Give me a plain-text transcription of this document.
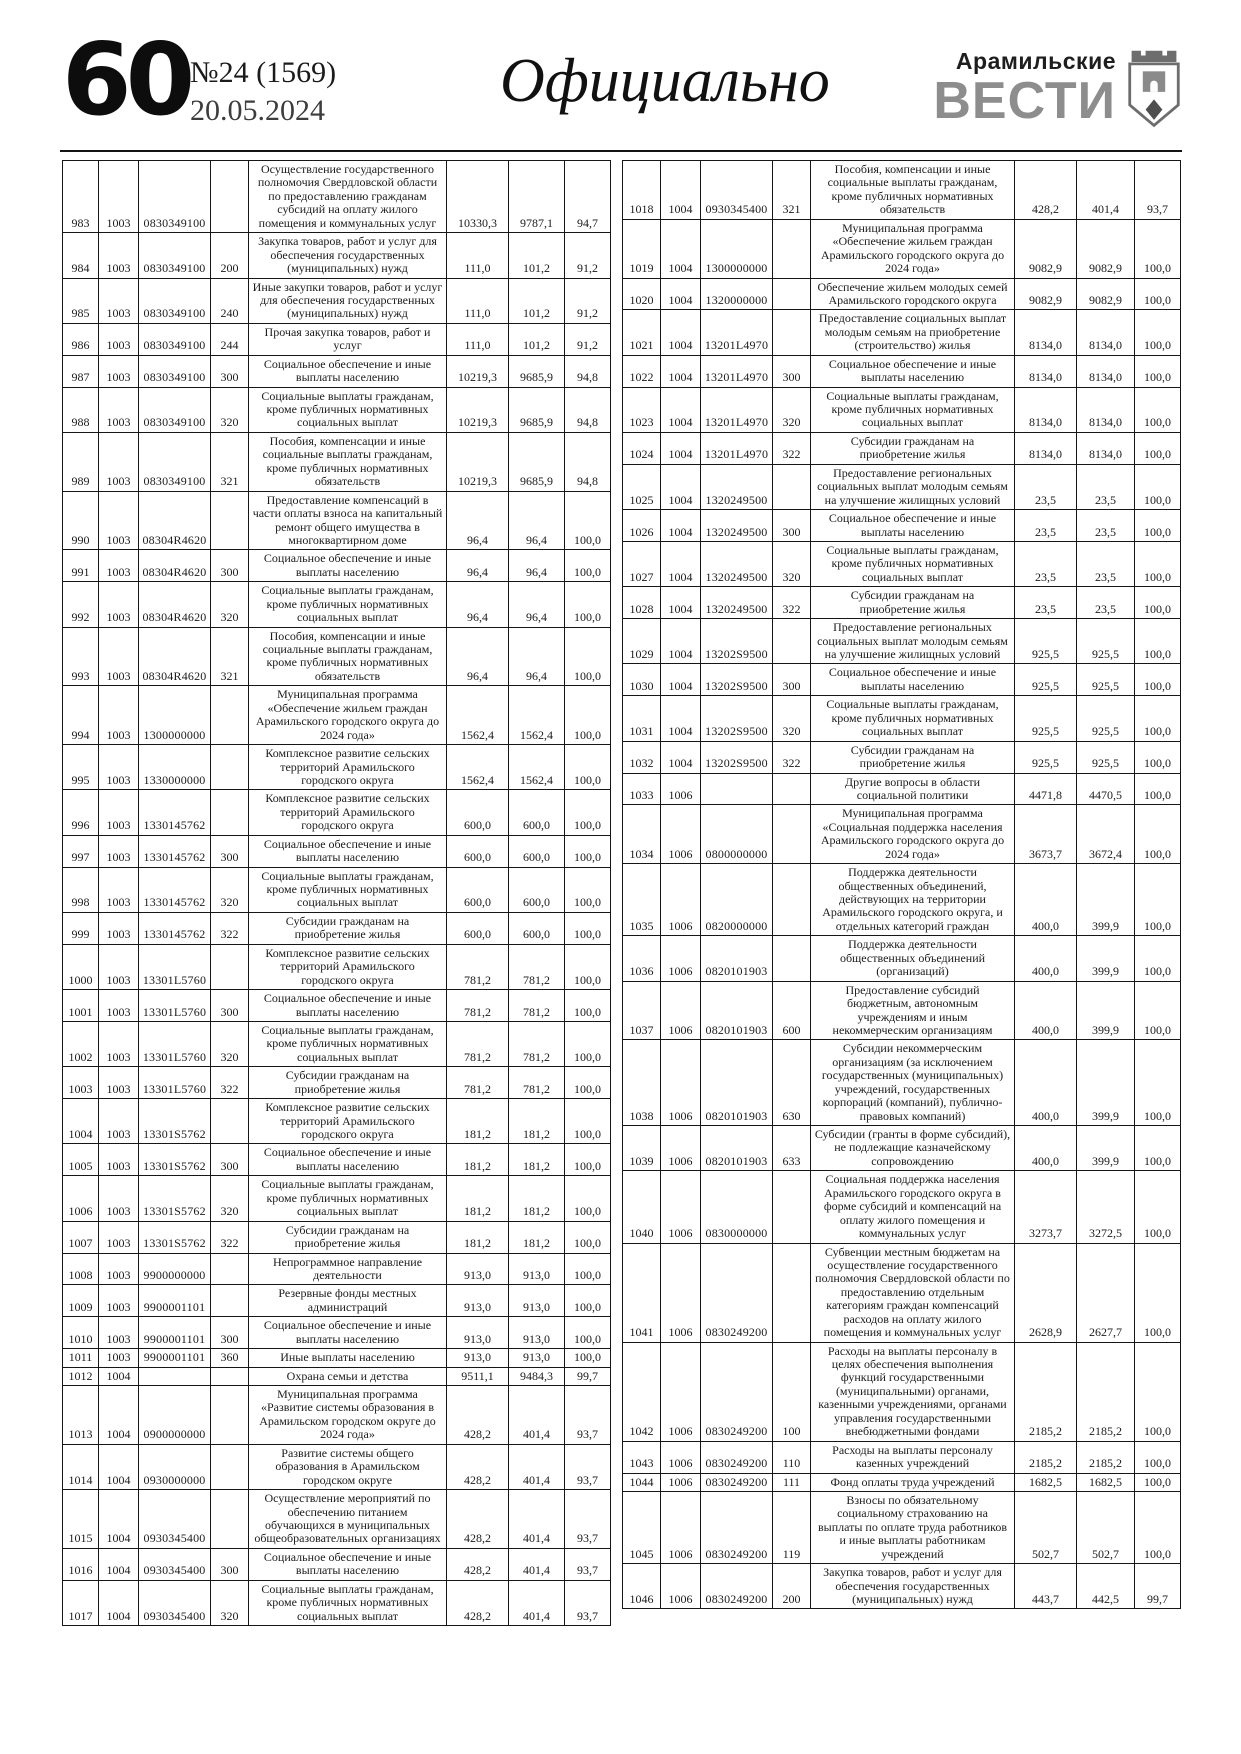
60 №24 (1569)
20.05.2024	Официально	Арамильские
ВЕСТИ
983	1003	0830349100		Осуществление государственного полномочия Свердловской области по предоставлению гражданам субсидий на оплату жилого помещения и коммунальных услуг	10330,3	9787,1	94,7
984	1003	0830349100	200	Закупка товаров, работ и услуг для обеспечения государственных (муниципальных) нужд	111,0	101,2	91,2
985	1003	0830349100	240	Иные закупки товаров, работ и услуг для обеспечения государственных (муниципальных) нужд	111,0	101,2	91,2
986	1003	0830349100	244	Прочая закупка товаров, работ и услуг	111,0	101,2	91,2
987	1003	0830349100	300	Социальное обеспечение и иные выплаты населению	10219,3	9685,9	94,8
988	1003	0830349100	320	Социальные выплаты гражданам, кроме публичных нормативных социальных выплат	10219,3	9685,9	94,8
989	1003	0830349100	321	Пособия, компенсации и иные социальные выплаты гражданам, кроме публичных нормативных обязательств	10219,3	9685,9	94,8
990	1003	08304R4620		Предоставление компенсаций в части оплаты взноса на капитальный ремонт общего имущества в многоквартирном доме	96,4	96,4	100,0
991	1003	08304R4620	300	Социальное обеспечение и иные выплаты населению	96,4	96,4	100,0
992	1003	08304R4620	320	Социальные выплаты гражданам, кроме публичных нормативных социальных выплат	96,4	96,4	100,0
993	1003	08304R4620	321	Пособия, компенсации и иные социальные выплаты гражданам, кроме публичных нормативных обязательств	96,4	96,4	100,0
994	1003	1300000000		Муниципальная программа «Обеспечение жильем граждан Арамильского городского округа до 2024 года»	1562,4	1562,4	100,0
995	1003	1330000000		Комплексное развитие сельских территорий Арамильского городского округа	1562,4	1562,4	100,0
996	1003	1330145762		Комплексное развитие сельских территорий Арамильского городского округа	600,0	600,0	100,0
997	1003	1330145762	300	Социальное обеспечение и иные выплаты населению	600,0	600,0	100,0
998	1003	1330145762	320	Социальные выплаты гражданам, кроме публичных нормативных социальных выплат	600,0	600,0	100,0
999	1003	1330145762	322	Субсидии гражданам на приобретение жилья	600,0	600,0	100,0
1000	1003	13301L5760		Комплексное развитие сельских территорий Арамильского городского округа	781,2	781,2	100,0
1001	1003	13301L5760	300	Социальное обеспечение и иные выплаты населению	781,2	781,2	100,0
1002	1003	13301L5760	320	Социальные выплаты гражданам, кроме публичных нормативных социальных выплат	781,2	781,2	100,0
1003	1003	13301L5760	322	Субсидии гражданам на приобретение жилья	781,2	781,2	100,0
1004	1003	13301S5762		Комплексное развитие сельских территорий Арамильского городского округа	181,2	181,2	100,0
1005	1003	13301S5762	300	Социальное обеспечение и иные выплаты населению	181,2	181,2	100,0
1006	1003	13301S5762	320	Социальные выплаты гражданам, кроме публичных нормативных социальных выплат	181,2	181,2	100,0
1007	1003	13301S5762	322	Субсидии гражданам на приобретение жилья	181,2	181,2	100,0
1008	1003	9900000000		Непрограммное направление деятельности	913,0	913,0	100,0
1009	1003	9900001101		Резервные фонды местных администраций	913,0	913,0	100,0
1010	1003	9900001101	300	Социальное обеспечение и иные выплаты населению	913,0	913,0	100,0
1011	1003	9900001101	360	Иные выплаты населению	913,0	913,0	100,0
1012	1004			Охрана семьи и детства	9511,1	9484,3	99,7
1013	1004	0900000000		Муниципальная программа «Развитие системы образования в Арамильском городском округе до 2024 года»	428,2	401,4	93,7
1014	1004	0930000000		Развитие системы общего образования в Арамильском городском округе	428,2	401,4	93,7
1015	1004	0930345400		Осуществление мероприятий по обеспечению питанием обучающихся в муниципальных общеобразовательных организациях	428,2	401,4	93,7
1016	1004	0930345400	300	Социальное обеспечение и иные выплаты населению	428,2	401,4	93,7
1017	1004	0930345400	320	Социальные выплаты гражданам, кроме публичных нормативных социальных выплат	428,2	401,4	93,7
1018	1004	0930345400	321	Пособия, компенсации и иные социальные выплаты гражданам, кроме публичных нормативных обязательств	428,2	401,4	93,7
1019	1004	1300000000		Муниципальная программа «Обеспечение жильем граждан Арамильского городского округа до 2024 года»	9082,9	9082,9	100,0
1020	1004	1320000000		Обеспечение жильем молодых семей Арамильского городского округа	9082,9	9082,9	100,0
1021	1004	13201L4970		Предоставление социальных выплат молодым семьям на приобретение (строительство) жилья	8134,0	8134,0	100,0
1022	1004	13201L4970	300	Социальное обеспечение и иные выплаты населению	8134,0	8134,0	100,0
1023	1004	13201L4970	320	Социальные выплаты гражданам, кроме публичных нормативных социальных выплат	8134,0	8134,0	100,0
1024	1004	13201L4970	322	Субсидии гражданам на приобретение жилья	8134,0	8134,0	100,0
1025	1004	1320249500		Предоставление региональных социальных выплат молодым семьям на улучшение жилищных условий	23,5	23,5	100,0
1026	1004	1320249500	300	Социальное обеспечение и иные выплаты населению	23,5	23,5	100,0
1027	1004	1320249500	320	Социальные выплаты гражданам, кроме публичных нормативных социальных выплат	23,5	23,5	100,0
1028	1004	1320249500	322	Субсидии гражданам на приобретение жилья	23,5	23,5	100,0
1029	1004	13202S9500		Предоставление региональных социальных выплат молодым семьям на улучшение жилищных условий	925,5	925,5	100,0
1030	1004	13202S9500	300	Социальное обеспечение и иные выплаты населению	925,5	925,5	100,0
1031	1004	13202S9500	320	Социальные выплаты гражданам, кроме публичных нормативных социальных выплат	925,5	925,5	100,0
1032	1004	13202S9500	322	Субсидии гражданам на приобретение жилья	925,5	925,5	100,0
1033	1006			Другие вопросы в области социальной политики	4471,8	4470,5	100,0
1034	1006	0800000000		Муниципальная программа «Социальная поддержка населения Арамильского городского округа до 2024 года»	3673,7	3672,4	100,0
1035	1006	0820000000		Поддержка деятельности общественных объединений, действующих на территории Арамильского городского округа, и отдельных категорий граждан	400,0	399,9	100,0
1036	1006	0820101903		Поддержка деятельности общественных объединений (организаций)	400,0	399,9	100,0
1037	1006	0820101903	600	Предоставление субсидий бюджетным, автономным учреждениям и иным некоммерческим организациям	400,0	399,9	100,0
1038	1006	0820101903	630	Субсидии некоммерческим организациям (за исключением государственных (муниципальных) учреждений, государственных корпораций (компаний), публично-правовых компаний)	400,0	399,9	100,0
1039	1006	0820101903	633	Субсидии (гранты в форме субсидий), не подлежащие казначейскому сопровождению	400,0	399,9	100,0
1040	1006	0830000000		Социальная поддержка населения Арамильского городского округа в форме субсидий и компенсаций на оплату жилого помещения и коммунальных услуг	3273,7	3272,5	100,0
1041	1006	0830249200		Субвенции местным бюджетам на осуществление государственного полномочия Свердловской области по предоставлению отдельным категориям граждан компенсаций расходов на оплату жилого помещения и коммунальных услуг	2628,9	2627,7	100,0
1042	1006	0830249200	100	Расходы на выплаты персоналу в целях обеспечения выполнения функций государственными (муниципальными) органами, казенными учреждениями, органами управления государственными внебюджетными фондами	2185,2	2185,2	100,0
1043	1006	0830249200	110	Расходы на выплаты персоналу казенных учреждений	2185,2	2185,2	100,0
1044	1006	0830249200	111	Фонд оплаты труда учреждений	1682,5	1682,5	100,0
1045	1006	0830249200	119	Взносы по обязательному социальному страхованию на выплаты по оплате труда работников и иные выплаты работникам учреждений	502,7	502,7	100,0
1046	1006	0830249200	200	Закупка товаров, работ и услуг для обеспечения государственных (муниципальных) нужд	443,7	442,5	99,7
